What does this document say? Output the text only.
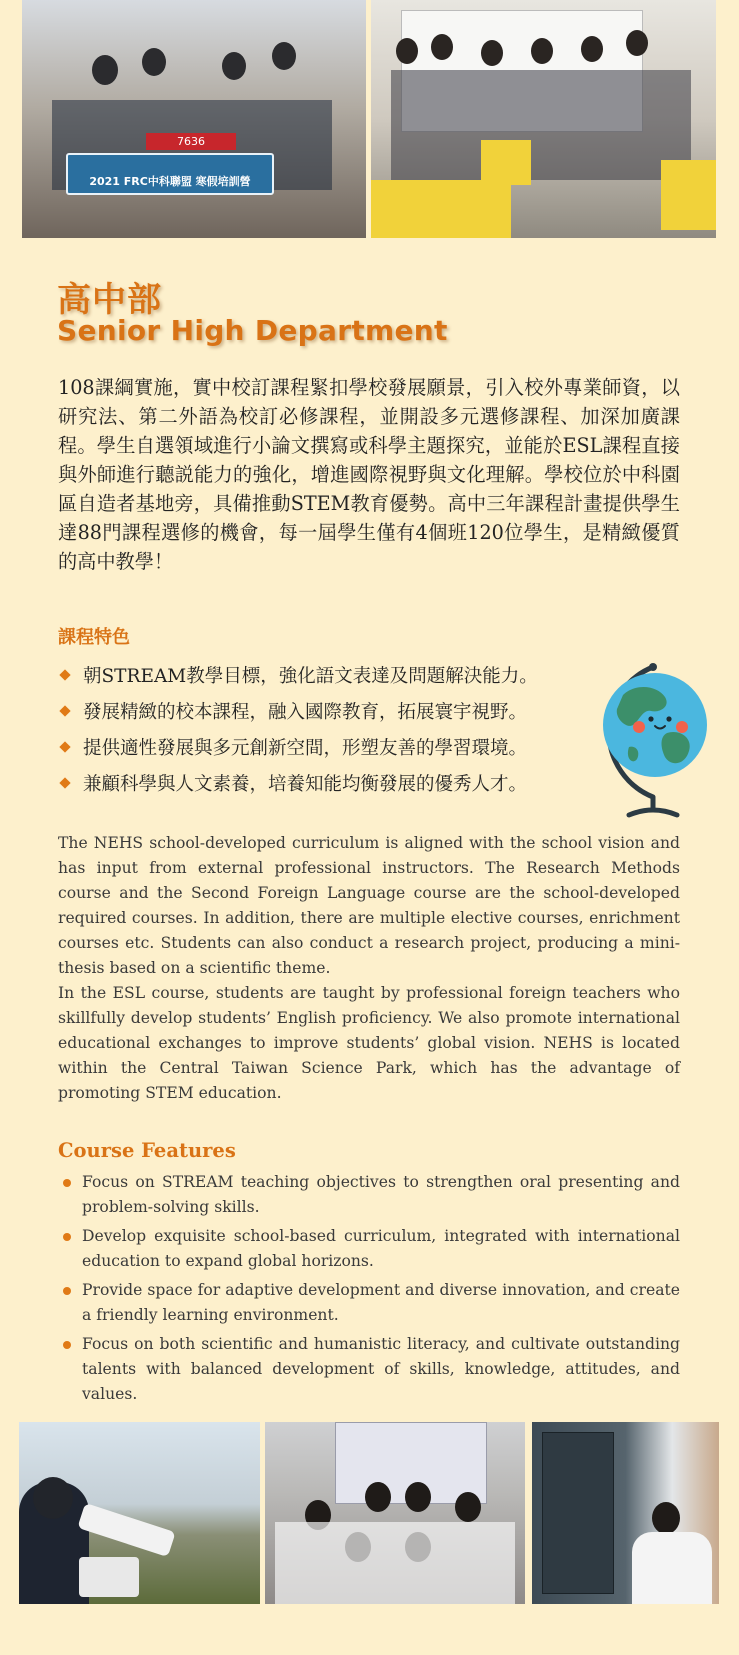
7636
2021 FRC中科聯盟 寒假培訓營
高中部
Senior High Department

108課綱實施，實中校訂課程緊扣學校發展願景，引入校外專業師資，以研究法、第二外語為校訂必修課程，並開設多元選修課程、加深加廣課程。學生自選領域進行小論文撰寫或科學主題探究，並能於ESL課程直接與外師進行聽説能力的強化，增進國際視野與文化理解。學校位於中科園區自造者基地旁，具備推動STEM教育優勢。高中三年課程計畫提供學生達88門課程選修的機會，每一屆學生僅有4個班120位學生，是精緻優質的高中教學！

課程特色
朝STREAM教學目標，強化語文表達及問題解決能力。
發展精緻的校本課程，融入國際教育，拓展寰宇視野。
提供適性發展與多元創新空間，形塑友善的學習環境。
兼顧科學與人文素養，培養知能均衡發展的優秀人才。

The NEHS school-developed curriculum is aligned with the school vision and has input from external professional instructors. The Research Methods course and the Second Foreign Language course are the school-developed required courses. In addition, there are multiple elective courses, enrichment courses etc. Students can also conduct a research project, producing a mini-thesis based on a scientific theme.

In the ESL course, students are taught by professional foreign teachers who skillfully develop students’ English proficiency. We also promote international educational exchanges to improve students’ global vision. NEHS is located within the Central Taiwan Science Park, which has the advantage of promoting STEM education.

Course Features
Focus on STREAM teaching objectives to strengthen oral presenting and problem-solving skills.
Develop exquisite school-based curriculum, integrated with international education to expand global horizons.
Provide space for adaptive development and diverse innovation, and create a friendly learning environment.
Focus on both scientific and humanistic literacy, and cultivate outstanding talents with balanced development of skills, knowledge, attitudes, and values.
